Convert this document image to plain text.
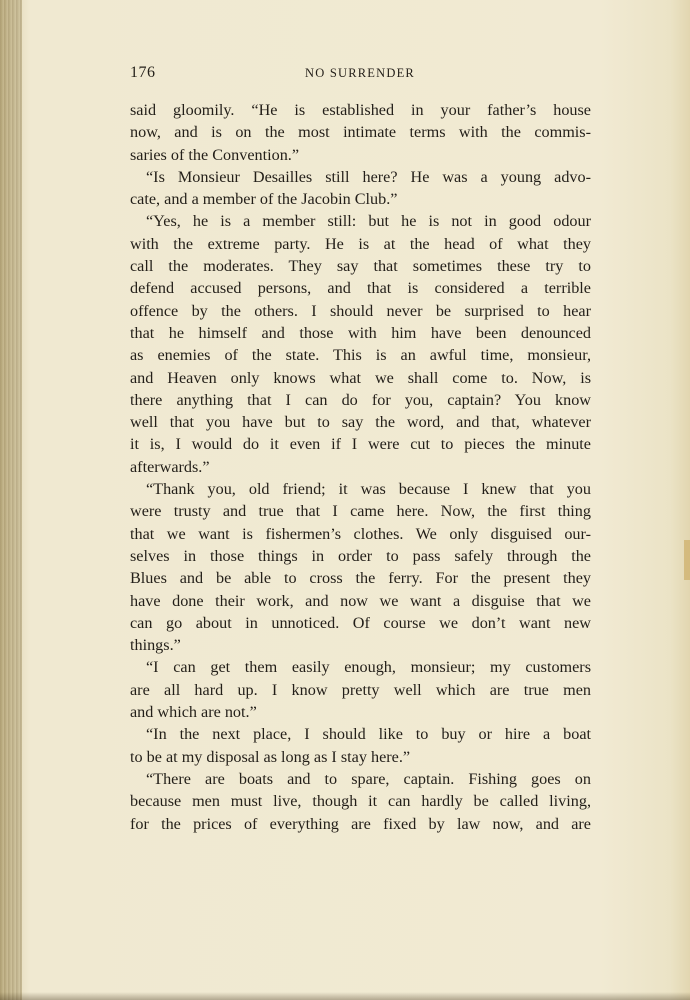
176	NO SURRENDER
said gloomily. “He is established in your father’s house
now, and is on the most intimate terms with the commis-
saries of the Convention.”
“Is Monsieur Desailles still here? He was a young advo-
cate, and a member of the Jacobin Club.”
“Yes, he is a member still: but he is not in good odour
with the extreme party. He is at the head of what they
call the moderates. They say that sometimes these try to
defend accused persons, and that is considered a terrible
offence by the others. I should never be surprised to hear
that he himself and those with him have been denounced
as enemies of the state. This is an awful time, monsieur,
and Heaven only knows what we shall come to. Now, is
there anything that I can do for you, captain? You know
well that you have but to say the word, and that, whatever
it is, I would do it even if I were cut to pieces the minute
afterwards.”
“Thank you, old friend; it was because I knew that you
were trusty and true that I came here. Now, the first thing
that we want is fishermen’s clothes. We only disguised our-
selves in those things in order to pass safely through the
Blues and be able to cross the ferry. For the present they
have done their work, and now we want a disguise that we
can go about in unnoticed. Of course we don’t want new
things.”
“I can get them easily enough, monsieur; my customers
are all hard up. I know pretty well which are true men
and which are not.”
“In the next place, I should like to buy or hire a boat
to be at my disposal as long as I stay here.”
“There are boats and to spare, captain. Fishing goes on
because men must live, though it can hardly be called living,
for the prices of everything are fixed by law now, and are
